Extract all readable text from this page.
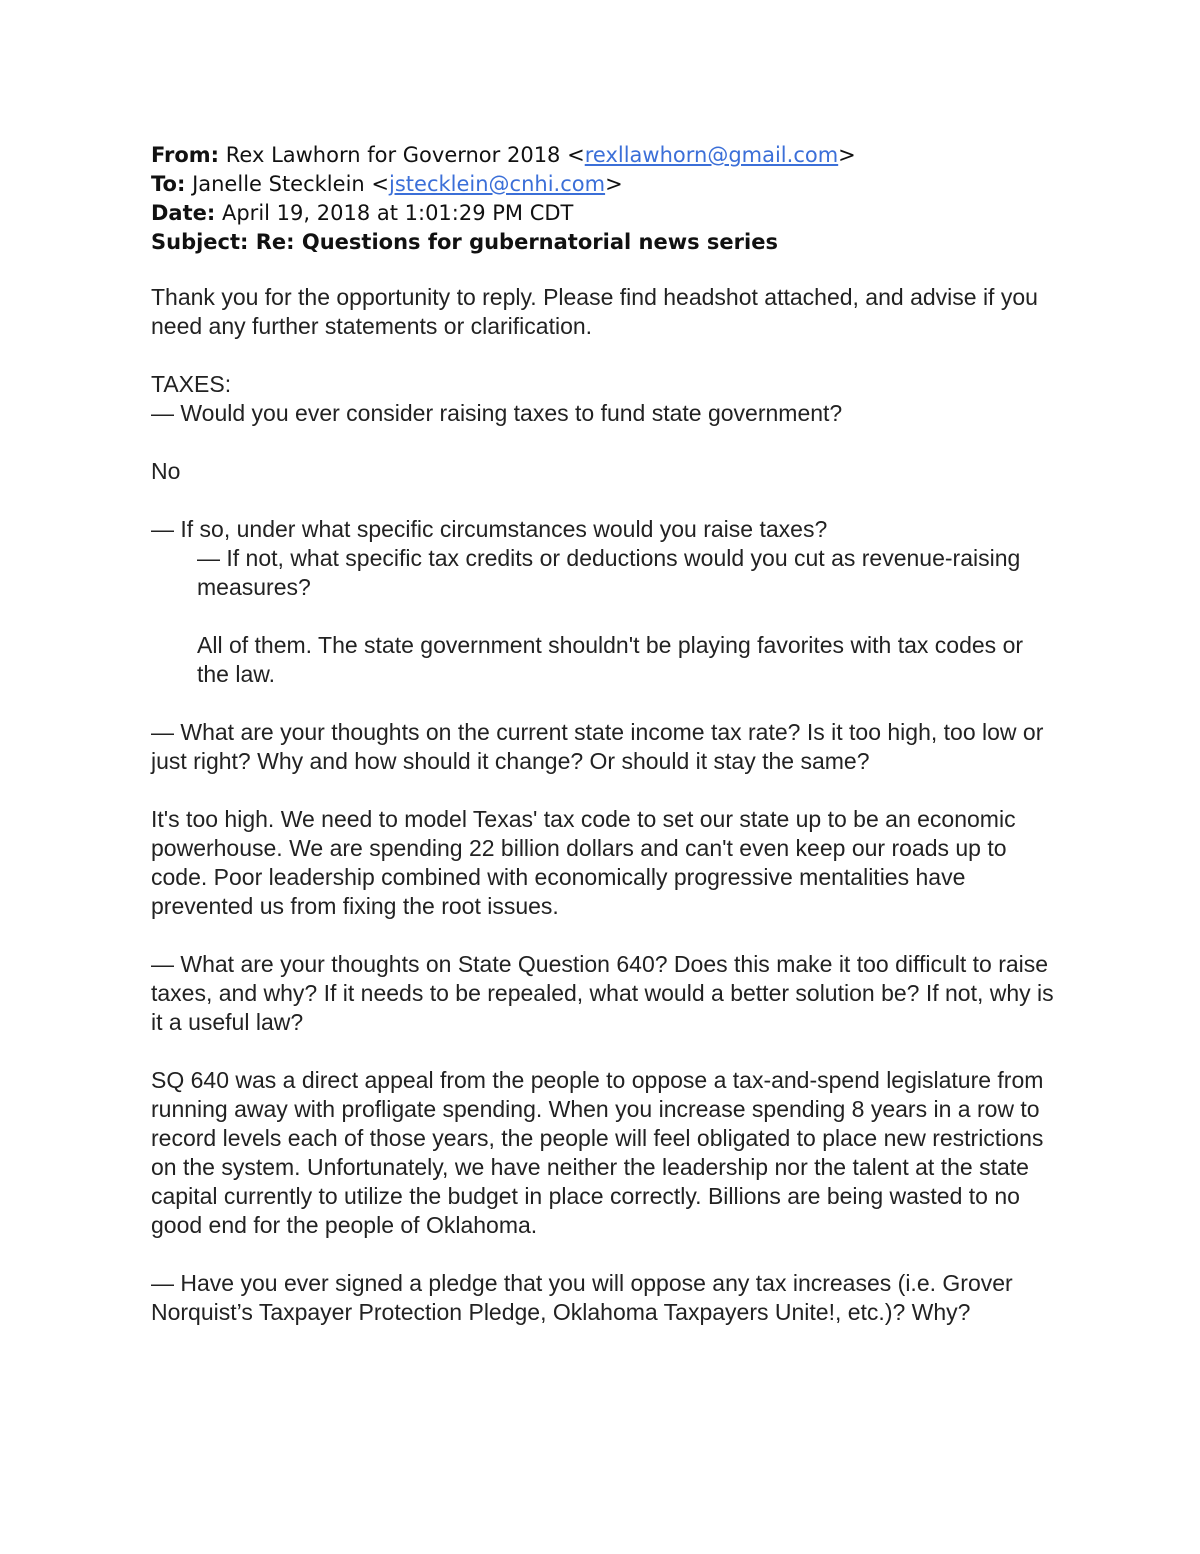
From: Rex Lawhorn for Governor 2018 <rexllawhorn@gmail.com>
To: Janelle Stecklein <jstecklein@cnhi.com>
Date: April 19, 2018 at 1:01:29 PM CDT
Subject: Re: Questions for gubernatorial news series

Thank you for the opportunity to reply. Please find headshot attached, and advise if you need any further statements or clarification.

TAXES:

— Would you ever consider raising taxes to fund state government?

No

— If so, under what specific circumstances would you raise taxes?

— If not, what specific tax credits or deductions would you cut as revenue-raising measures?

All of them. The state government shouldn't be playing favorites with tax codes or the law.

— What are your thoughts on the current state income tax rate? Is it too high, too low or just right? Why and how should it change? Or should it stay the same?

It's too high. We need to model Texas' tax code to set our state up to be an economic powerhouse. We are spending 22 billion dollars and can't even keep our roads up to code. Poor leadership combined with economically progressive mentalities have prevented us from fixing the root issues.

— What are your thoughts on State Question 640? Does this make it too difficult to raise taxes, and why? If it needs to be repealed, what would a better solution be? If not, why is it a useful law?

SQ 640 was a direct appeal from the people to oppose a tax-and-spend legislature from running away with profligate spending. When you increase spending 8 years in a row to record levels each of those years, the people will feel obligated to place new restrictions on the system. Unfortunately, we have neither the leadership nor the talent at the state capital currently to utilize the budget in place correctly. Billions are being wasted to no good end for the people of Oklahoma.

— Have you ever signed a pledge that you will oppose any tax increases (i.e. Grover Norquist’s Taxpayer Protection Pledge, Oklahoma Taxpayers Unite!, etc.)? Why?
